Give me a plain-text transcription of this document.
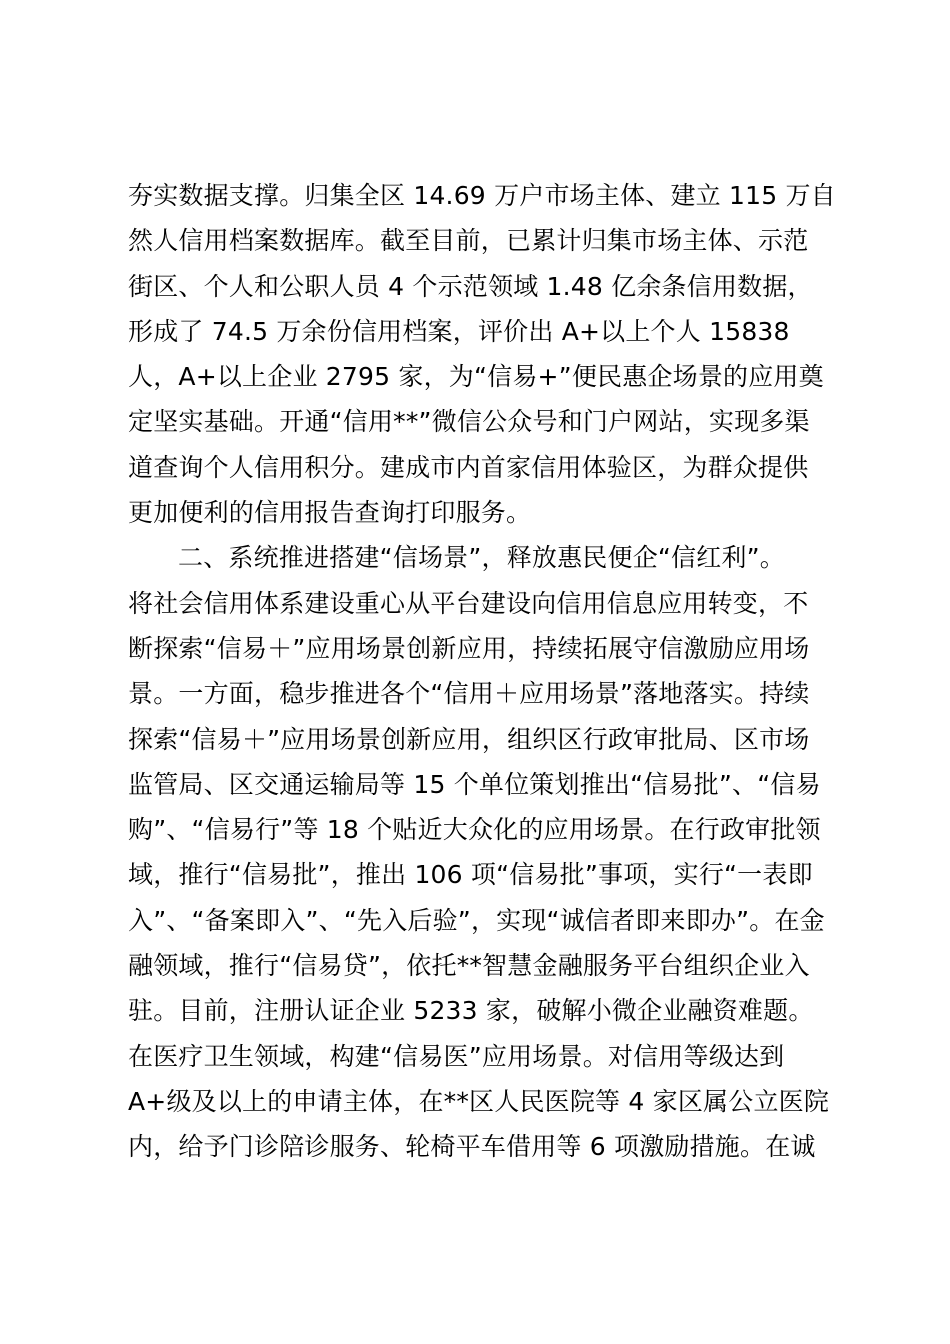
夯实数据支撑。归集全区 14.69 万户市场主体、建立 115 万自
然人信用档案数据库。截至目前，已累计归集市场主体、示范
街区、个人和公职人员 4 个示范领域 1.48 亿余条信用数据，
形成了 74.5 万余份信用档案，评价出 A+以上个人 15838
人，A+以上企业 2795 家，为“信易+”便民惠企场景的应用奠
定坚实基础。开通“信用**”微信公众号和门户网站，实现多渠
道查询个人信用积分。建成市内首家信用体验区，为群众提供
更加便利的信用报告查询打印服务。
二、系统推进搭建“信场景”，释放惠民便企“信红利”。
将社会信用体系建设重心从平台建设向信用信息应用转变，不
断探索“信易＋”应用场景创新应用，持续拓展守信激励应用场
景。一方面，稳步推进各个“信用＋应用场景”落地落实。持续
探索“信易＋”应用场景创新应用，组织区行政审批局、区市场
监管局、区交通运输局等 15 个单位策划推出“信易批”、“信易
购”、“信易行”等 18 个贴近大众化的应用场景。在行政审批领
域，推行“信易批”，推出 106 项“信易批”事项，实行“一表即
入”、“备案即入”、“先入后验”，实现“诚信者即来即办”。在金
融领域，推行“信易贷”，依托**智慧金融服务平台组织企业入
驻。目前，注册认证企业 5233 家，破解小微企业融资难题。
在医疗卫生领域，构建“信易医”应用场景。对信用等级达到
A+级及以上的申请主体，在**区人民医院等 4 家区属公立医院
内，给予门诊陪诊服务、轮椅平车借用等 6 项激励措施。在诚
